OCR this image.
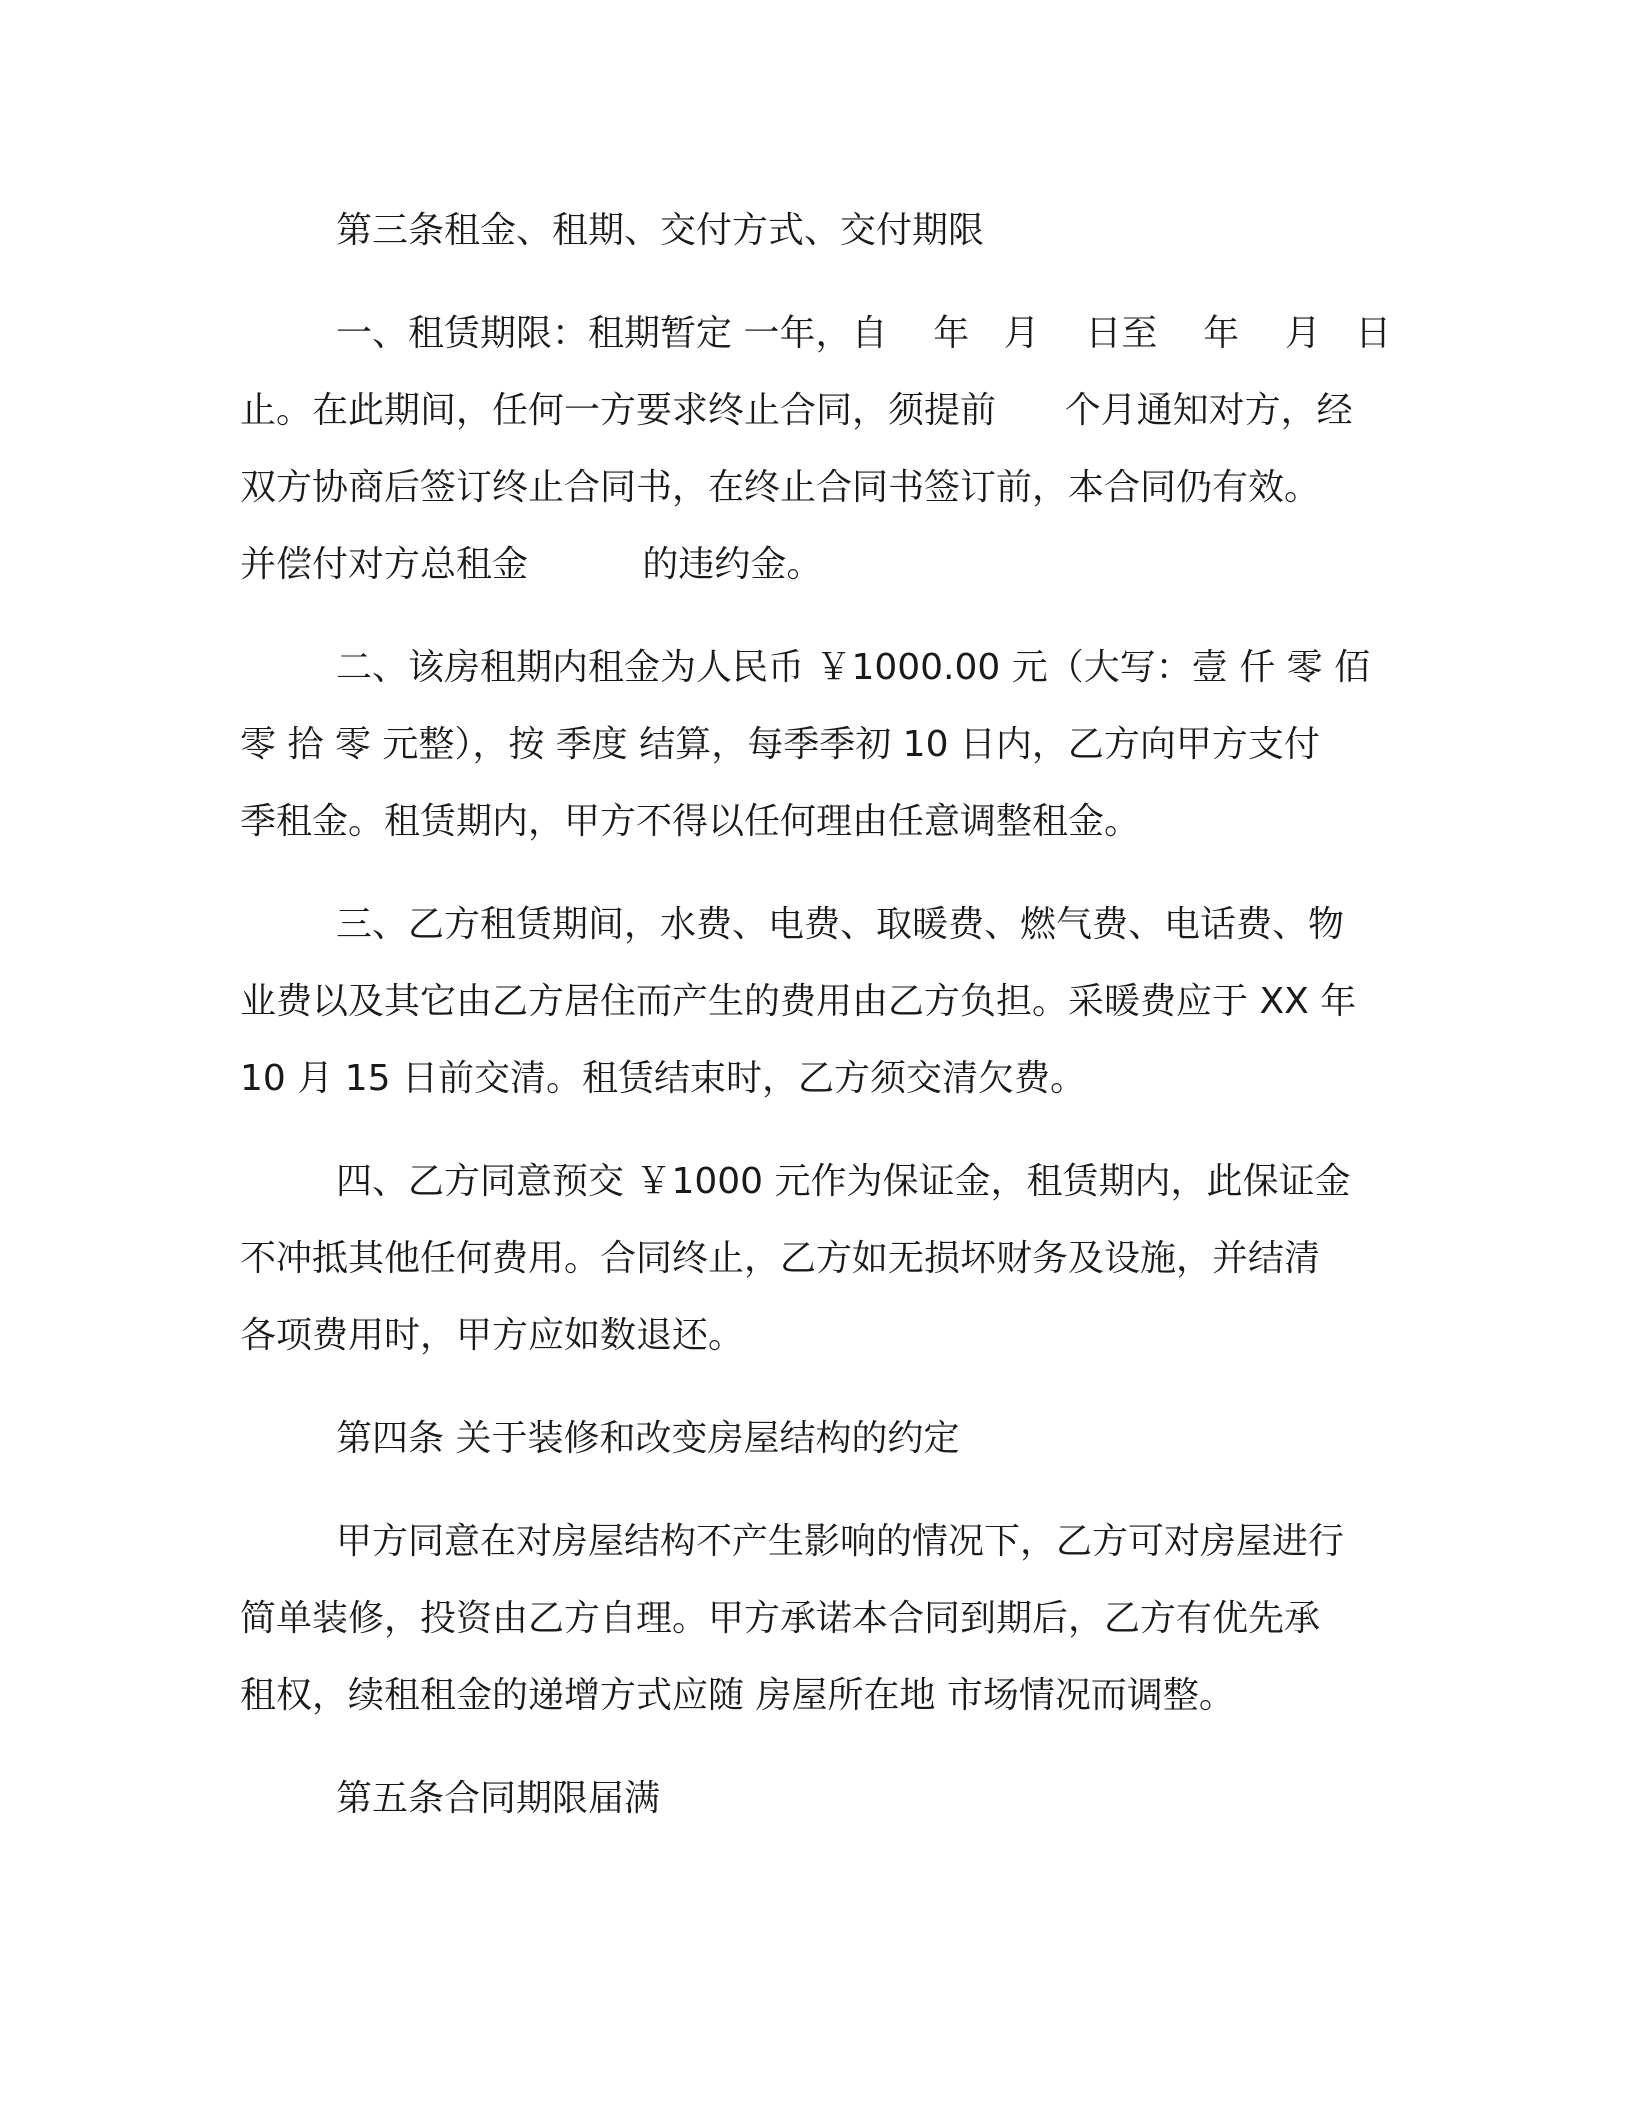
第三条租金、租期、交付方式、交付期限
一、租赁期限：租期暂定 一年，自    年   月    日至    年    月   日
止。在此期间，任何一方要求终止合同，须提前      个月通知对方，经
双方协商后签订终止合同书，在终止合同书签订前，本合同仍有效。
并偿付对方总租金          的违约金。
二、该房租期内租金为人民币 ￥1000.00 元（大写：壹 仟 零 佰
零 拾 零 元整），按 季度 结算，每季季初 10 日内，乙方向甲方支付
季租金。租赁期内，甲方不得以任何理由任意调整租金。
三、乙方租赁期间，水费、电费、取暖费、燃气费、电话费、物
业费以及其它由乙方居住而产生的费用由乙方负担。采暖费应于 XX 年
10 月 15 日前交清。租赁结束时，乙方须交清欠费。
四、乙方同意预交 ￥1000 元作为保证金，租赁期内，此保证金
不冲抵其他任何费用。合同终止，乙方如无损坏财务及设施，并结清
各项费用时，甲方应如数退还。
第四条 关于装修和改变房屋结构的约定
甲方同意在对房屋结构不产生影响的情况下，乙方可对房屋进行
简单装修，投资由乙方自理。甲方承诺本合同到期后，乙方有优先承
租权，续租租金的递增方式应随 房屋所在地 市场情况而调整。
第五条合同期限届满
